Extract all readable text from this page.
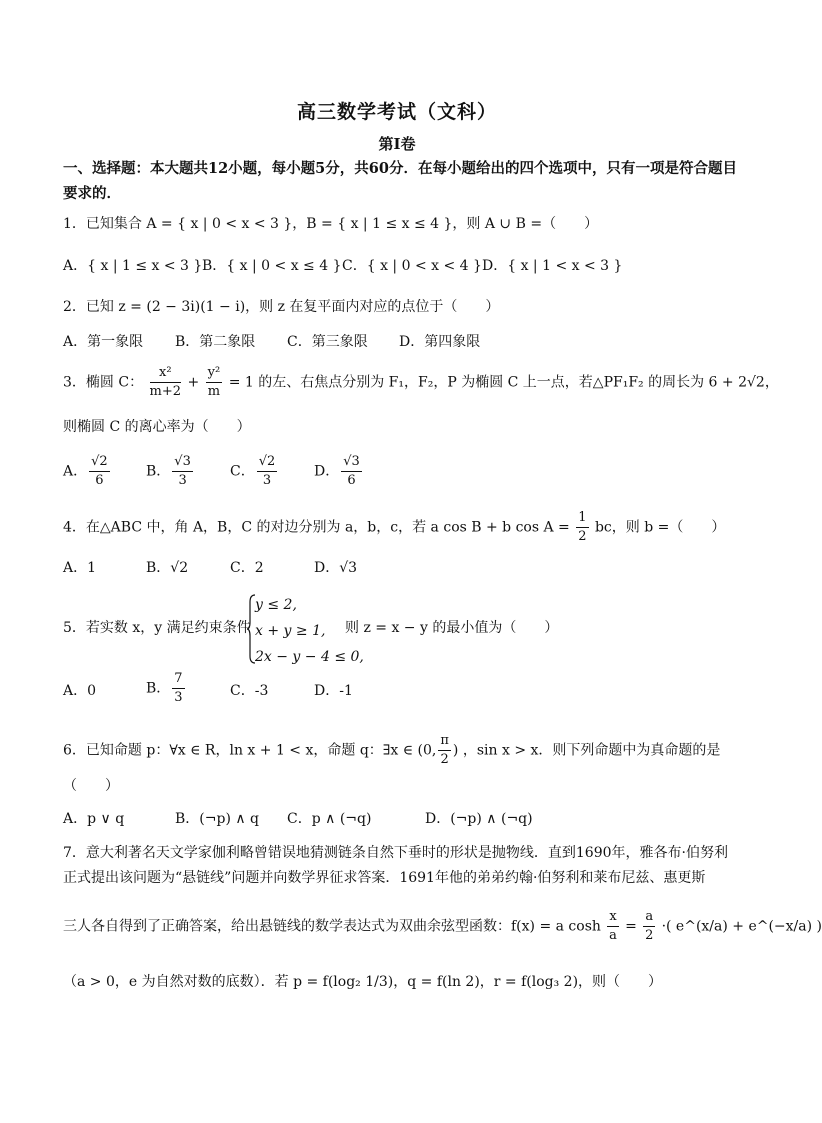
高三数学考试（文科）
第Ⅰ卷
一、选择题：本大题共12小题，每小题5分，共60分．在每小题给出的四个选项中，只有一项是符合题目要求的．
1．已知集合 A = { x | 0 < x < 3 }，B = { x | 1 ≤ x ≤ 4 }，则 A ∪ B =（　　）
A．{ x | 1 ≤ x < 3 } B．{ x | 0 < x ≤ 4 } C．{ x | 0 < x < 4 } D．{ x | 1 < x < 3 }
2．已知 z = (2 − 3i)(1 − i)，则 z 在复平面内对应的点位于（　　）
A．第一象限 B．第二象限 C．第三象限 D．第四象限
3．椭圆 C： $\frac{\text{x²}}{m+2} + \frac{\text{y²}}{m} = 1$ 的左、右焦点分别为 F₁，F₂，P 为椭圆 C 上一点，若△PF₁F₂ 的周长为 6 + 2√2，
则椭圆 C 的离心率为（　　）
A． $\frac{√2}{6}$	B． $\frac{√3}{3}$	C． $\frac{√2}{3}$	D． $\frac{√3}{6}$
4．在△ABC 中，角 A，B，C 的对边分别为 a，b，c，若 a cos B + b $\cos A = \frac{1}{2}$ bc，则 b =（　　）
A．1	B．√2	C．2	D．√3
5．若实数 x，y 满足约束条件
y ≤ 2,
x + y ≥ 1,
2x − y − 4 ≤ 0,
则 z = x − y 的最小值为（　　）
A．0	B． $\frac{7}{3}$	C．-3	D．-1
6．已知命题 p：∀x ∈ R，ln x + 1 < x，命题 q：∃x ∈ (0, $\frac{\pi}{2}$ ) ，sin x > x．则下列命题中为真命题的是
（　　）
A．p ∨ q	B．(¬p) ∧ q C．p ∧ (¬q)	D．(¬p) ∧ (¬q)
7．意大利著名天文学家伽利略曾错误地猜测链条自然下垂时的形状是抛物线．直到1690年，雅各布·伯努利
正式提出该问题为“悬链线”问题并向数学界征求答案．1691年他的弟弟约翰·伯努利和莱布尼兹、惠更斯
三人各自得到了正确答案，给出悬链线的数学表达式为双曲余弦型函数：f(x) = a $\cosh \frac{x}{a} = \frac{a}{2}$ ·( e^(x/a) + e^(−x/a) )
（a > 0，e 为自然对数的底数）．若 p = f(log₂ 1/3)，q = f(ln 2)，r = f(log₃ 2)，则（　　）
